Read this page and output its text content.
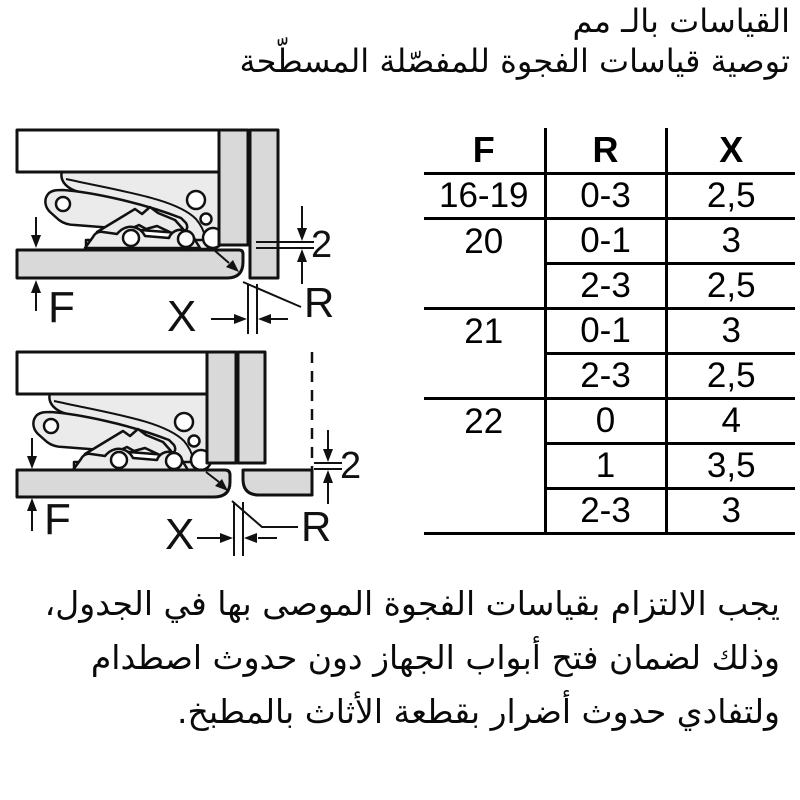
القياسات بالـ مم
توصية قياسات الفجوة للمفصّلة المسطّحة
2
F X	R
2
F X	R
F	R	X
16-19	0-3	2,5
20	0-1	3
	2-3	2,5
21	0-1	3
	2-3	2,5
22	0	4
	1	3,5
	2-3	3
يجب الالتزام بقياسات الفجوة الموصى بها في الجدول،
وذلك لضمان فتح أبواب الجهاز دون حدوث اصطدام
ولتفادي حدوث أضرار بقطعة الأثاث بالمطبخ.
